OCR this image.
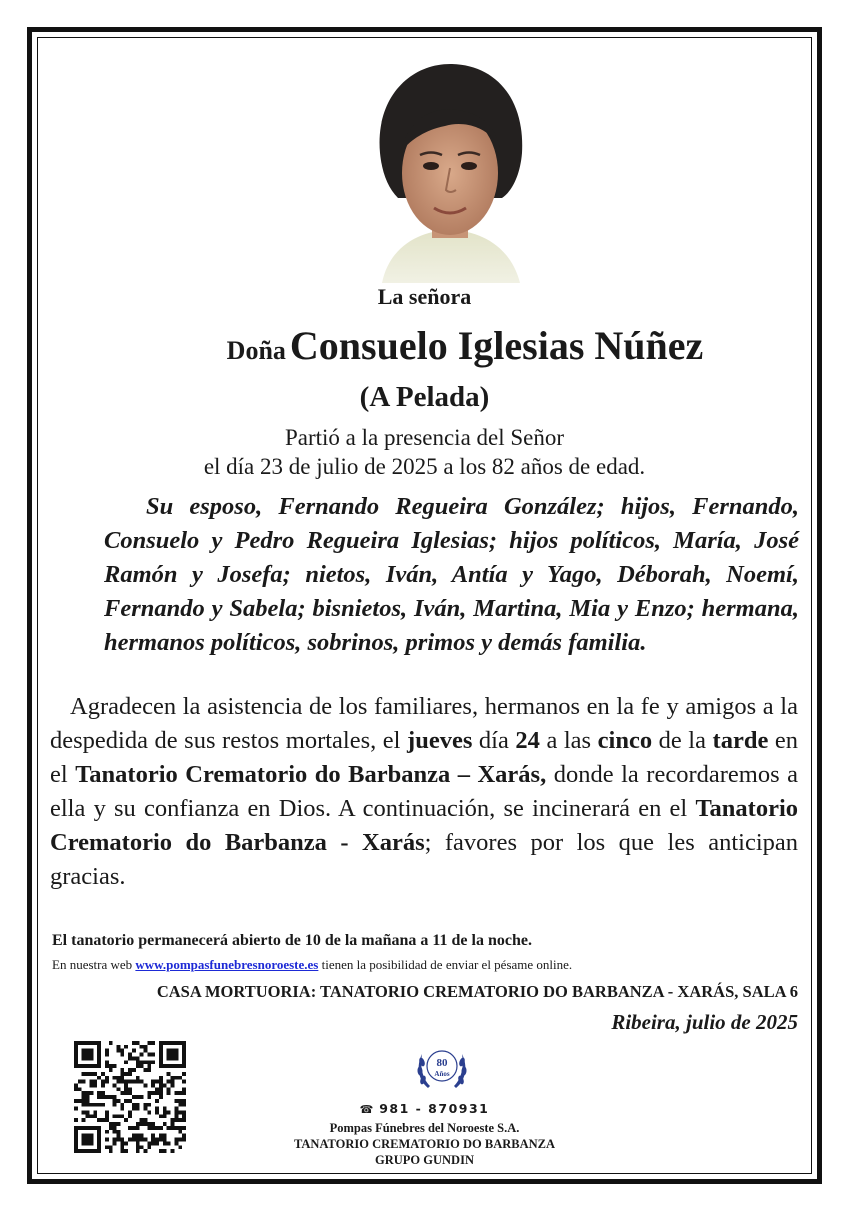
La señora
Doña Consuelo Iglesias Núñez
(A Pelada)
Partió a la presencia del Señor
el día 23 de julio de 2025 a los 82 años de edad.
Su esposo, Fernando Regueira González; hijos, Fernando, Consuelo y Pedro Regueira Iglesias; hijos políticos, María, José Ramón y Josefa; nietos, Iván, Antía y Yago, Déborah, Noemí, Fernando y Sabela; bisnietos, Iván, Martina, Mia y Enzo; hermana, hermanos políticos, sobrinos, primos y demás familia.
Agradecen la asistencia de los familiares, hermanos en la fe y amigos a la despedida de sus restos mortales, el jueves día 24 a las cinco de la tarde en el Tanatorio Crematorio do Barbanza – Xarás, donde la recordaremos a ella y su confianza en Dios. A continuación, se incinerará en el Tanatorio Crematorio do Barbanza - Xarás; favores por los que les anticipan gracias.
El tanatorio permanecerá abierto de 10 de la mañana a 11 de la noche.
En nuestra web www.pompasfunebresnoroeste.es tienen la posibilidad de enviar el pésame online.
CASA MORTUORIA: TANATORIO CREMATORIO DO BARBANZA - XARÁS, SALA 6
Ribeira, julio de 2025
80
Años
☎ 981 - 870931
Pompas Fúnebres del Noroeste S.A.
TANATORIO CREMATORIO DO BARBANZA
GRUPO GUNDIN
